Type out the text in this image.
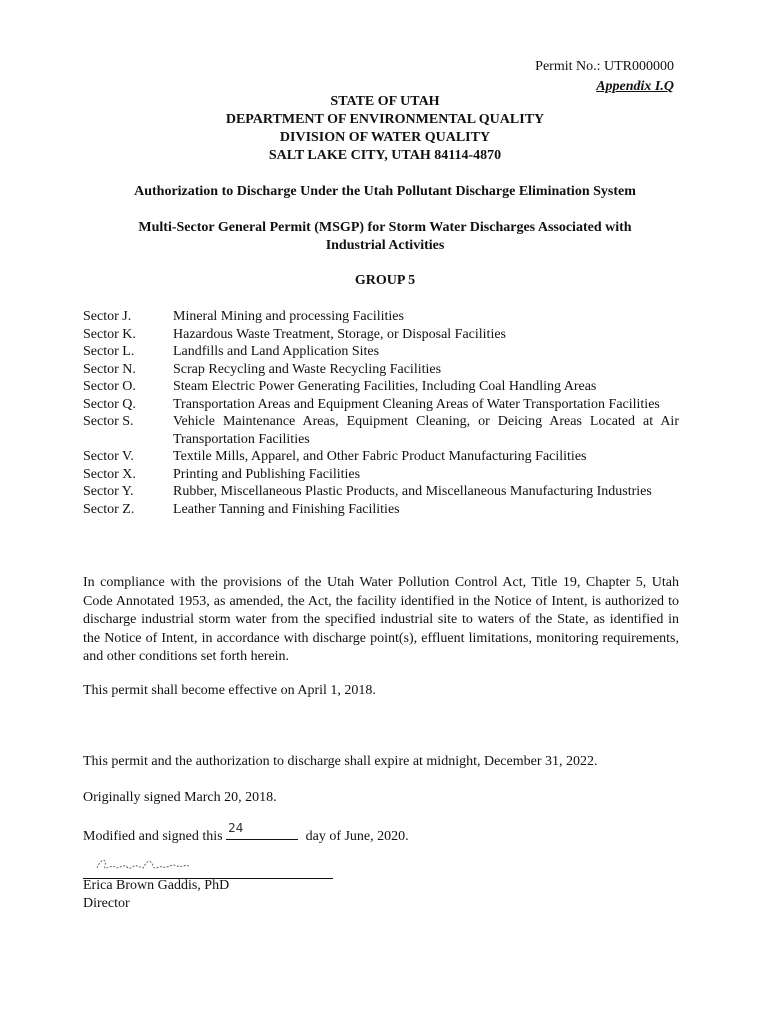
Permit No.: UTR000000
Appendix I.Q
STATE OF UTAH
DEPARTMENT OF ENVIRONMENTAL QUALITY
DIVISION OF WATER QUALITY
SALT LAKE CITY, UTAH 84114-4870
Authorization to Discharge Under the Utah Pollutant Discharge Elimination System
Multi-Sector General Permit (MSGP) for Storm Water Discharges Associated with
Industrial Activities
GROUP 5
Sector J.	Mineral Mining and processing Facilities
Sector K.	Hazardous Waste Treatment, Storage, or Disposal Facilities
Sector L.	Landfills and Land Application Sites
Sector N.	Scrap Recycling and Waste Recycling Facilities
Sector O.	Steam Electric Power Generating Facilities, Including Coal Handling Areas
Sector Q.	Transportation Areas and Equipment Cleaning Areas of Water Transportation Facilities
Sector S.	Vehicle Maintenance Areas, Equipment Cleaning, or Deicing Areas Located at Air Transportation Facilities
Sector V.	Textile Mills, Apparel, and Other Fabric Product Manufacturing Facilities
Sector X.	Printing and Publishing Facilities
Sector Y.	Rubber, Miscellaneous Plastic Products, and Miscellaneous Manufacturing Industries
Sector Z.	Leather Tanning and Finishing Facilities
In compliance with the provisions of the Utah Water Pollution Control Act, Title 19, Chapter 5, Utah Code Annotated 1953, as amended, the Act, the facility identified in the Notice of Intent, is authorized to discharge industrial storm water from the specified industrial site to waters of the State, as identified in the Notice of Intent, in accordance with discharge point(s), effluent limitations, monitoring requirements, and other conditions set forth herein.
This permit shall become effective on April 1, 2018.
This permit and the authorization to discharge shall expire at midnight, December 31, 2022.
Originally signed March 20, 2018.
Modified and signed this
24
day of June, 2020.
Erica Brown Gaddis, PhD
Director
